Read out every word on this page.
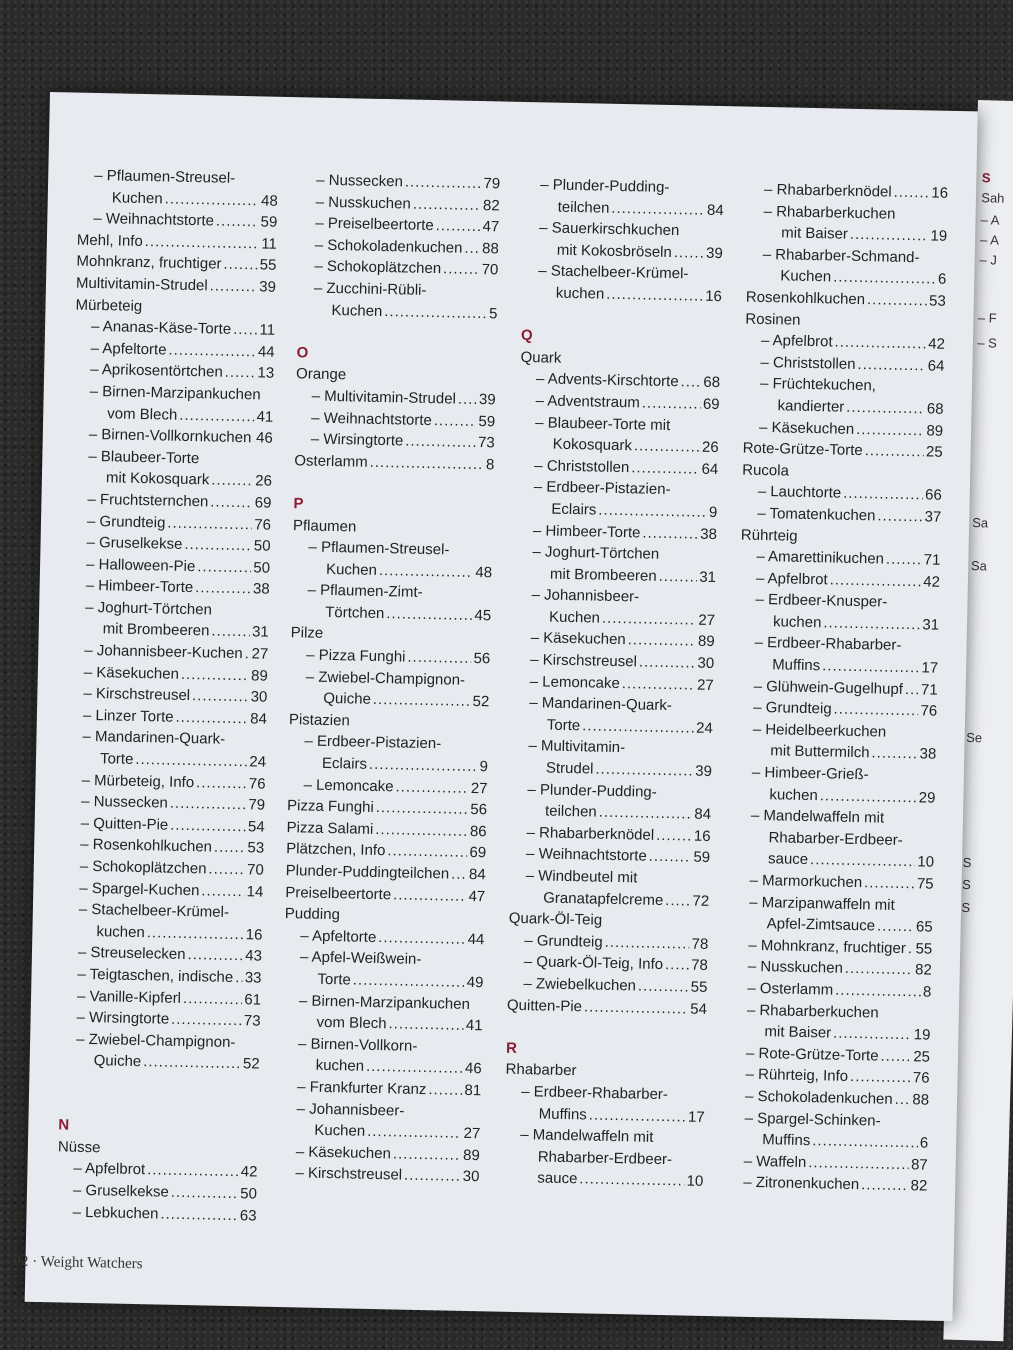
S
Sah
– A
– A
– J
– F
– S
Sa
Sa
Se
S
S
S
– Pflaumen-Streusel-
Kuchen .....	48
– Weihnachtstorte .....	59
Mehl, Info .....	11
Mohnkranz, fruchtiger .....	55
Multivitamin-Strudel .....	39
Mürbeteig
– Ananas-Käse-Torte ..... 11
– Apfeltorte .....	44
– Aprikosentörtchen ..... 13
– Birnen-Marzipankuchen
vom Blech .....	41
– Birnen-Vollkornkuchen ..... 46
– Blaubeer-Torte
mit Kokosquark .....	26
– Fruchtsternchen .....	69
– Grundteig .....	76
– Gruselkekse .....	50
– Halloween-Pie .....	50
– Himbeer-Torte .....	38
– Joghurt-Törtchen
mit Brombeeren .....	31
– Johannisbeer-Kuchen ..... 27
– Käsekuchen .....	89
– Kirschstreusel .....	30
– Linzer Torte .....	84
– Mandarinen-Quark-
Torte .....	24
– Mürbeteig, Info .....	76
– Nussecken .....	79
– Quitten-Pie .....	54
– Rosenkohlkuchen ..... 53
– Schokoplätzchen .....	70
– Spargel-Kuchen .....	14
– Stachelbeer-Krümel-
kuchen .....	16
– Streuselecken .....	43
– Teigtaschen, indische ..... 33
– Vanille-Kipferl .....	61
– Wirsingtorte .....	73
– Zwiebel-Champignon-
Quiche .....	52
N
Nüsse
– Apfelbrot .....	42
– Gruselkekse .....	50
– Lebkuchen .....	63
– Nussecken .....	79
– Nusskuchen .....	82
– Preiselbeertorte .....	47
– Schokoladenkuchen ..... 88
– Schokoplätzchen .....	70
– Zucchini-Rübli-
Kuchen .....	5
O
Orange
– Multivitamin-Strudel ..... 39
– Weihnachtstorte .....	59
– Wirsingtorte .....	73
Osterlamm .....	8
P
Pflaumen
– Pflaumen-Streusel-
Kuchen .....	48
– Pflaumen-Zimt-
Törtchen .....	45
Pilze
– Pizza Funghi .....	56
– Zwiebel-Champignon-
Quiche .....	52
Pistazien
– Erdbeer-Pistazien-
Eclairs .....	9
– Lemoncake .....	27
Pizza Funghi .....	56
Pizza Salami .....	86
Plätzchen, Info .....	69
Plunder-Puddingteilchen ..... 84
Preiselbeertorte .....	47
Pudding
– Apfeltorte .....	44
– Apfel-Weißwein-
Torte .....	49
– Birnen-Marzipankuchen
vom Blech .....	41
– Birnen-Vollkorn-
kuchen .....	46
– Frankfurter Kranz .....	81
– Johannisbeer-
Kuchen .....	27
– Käsekuchen .....	89
– Kirschstreusel .....	30
– Plunder-Pudding-
teilchen .....	84
– Sauerkirschkuchen
mit Kokosbröseln ..... 39
– Stachelbeer-Krümel-
kuchen .....	16
Q
Quark
– Advents-Kirschtorte ..... 68
– Adventstraum .....	69
– Blaubeer-Torte mit
Kokosquark .....	26
– Christstollen .....	64
– Erdbeer-Pistazien-
Eclairs .....	9
– Himbeer-Torte .....	38
– Joghurt-Törtchen
mit Brombeeren .....	31
– Johannisbeer-
Kuchen .....	27
– Käsekuchen .....	89
– Kirschstreusel .....	30
– Lemoncake .....	27
– Mandarinen-Quark-
Torte .....	24
– Multivitamin-
Strudel .....	39
– Plunder-Pudding-
teilchen .....	84
– Rhabarberknödel .....	16
– Weihnachtstorte .....	59
– Windbeutel mit
Granatapfelcreme ..... 72
Quark-Öl-Teig
– Grundteig .....	78
– Quark-Öl-Teig, Info ..... 78
– Zwiebelkuchen .....	55
Quitten-Pie .....	54
R
Rhabarber
– Erdbeer-Rhabarber-
Muffins .....	17
– Mandelwaffeln mit
Rhabarber-Erdbeer-
sauce .....	10
– Rhabarberknödel .....	16
– Rhabarberkuchen
mit Baiser .....	19
– Rhabarber-Schmand-
Kuchen .....	6
Rosenkohlkuchen .....	53
Rosinen
– Apfelbrot .....	42
– Christstollen .....	64
– Früchtekuchen,
kandierter .....	68
– Käsekuchen .....	89
Rote-Grütze-Torte .....	25
Rucola
– Lauchtorte .....	66
– Tomatenkuchen .....	37
Rührteig
– Amarettinikuchen .....	71
– Apfelbrot .....	42
– Erdbeer-Knusper-
kuchen .....	31
– Erdbeer-Rhabarber-
Muffins .....	17
– Glühwein-Gugelhupf ..... 71
– Grundteig .....	76
– Heidelbeerkuchen
mit Buttermilch .....	38
– Himbeer-Grieß-
kuchen .....	29
– Mandelwaffeln mit
Rhabarber-Erdbeer-
sauce .....	10
– Marmorkuchen .....	75
– Marzipanwaffeln mit
Apfel-Zimtsauce .....	65
– Mohnkranz, fruchtiger ..... 55
– Nusskuchen .....	82
– Osterlamm .....	8
– Rhabarberkuchen
mit Baiser .....	19
– Rote-Grütze-Torte ..... 25
– Rührteig, Info .....	76
– Schokoladenkuchen ..... 88
– Spargel-Schinken-
Muffins .....	6
– Waffeln .....	87
– Zitronenkuchen .....	82
92 · Weight Watchers
